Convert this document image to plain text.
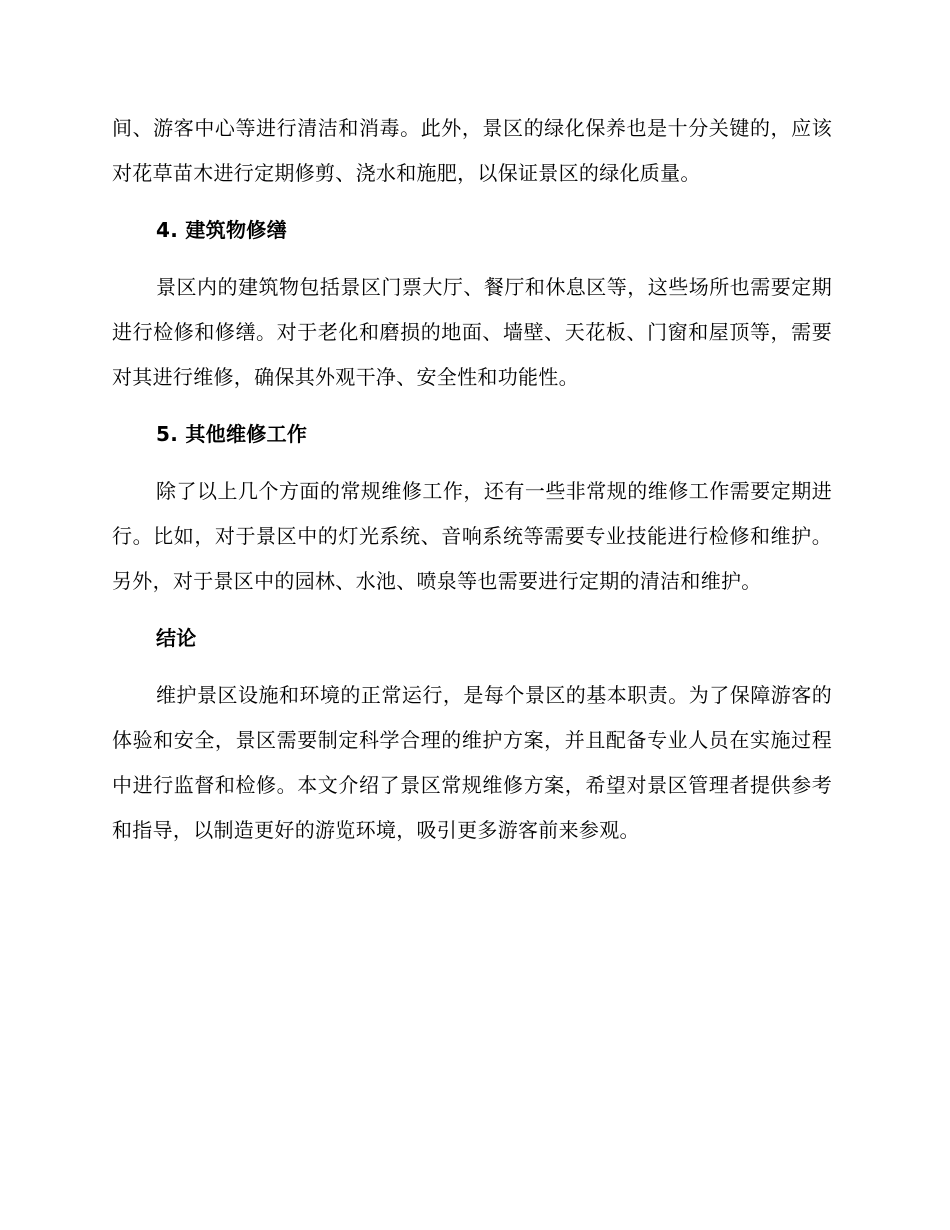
间、游客中心等进行清洁和消毒。此外，景区的绿化保养也是十分关键的，应该对花草苗木进行定期修剪、浇水和施肥，以保证景区的绿化质量。

4. 建筑物修缮

景区内的建筑物包括景区门票大厅、餐厅和休息区等，这些场所也需要定期进行检修和修缮。对于老化和磨损的地面、墙壁、天花板、门窗和屋顶等，需要对其进行维修，确保其外观干净、安全性和功能性。

5. 其他维修工作

除了以上几个方面的常规维修工作，还有一些非常规的维修工作需要定期进行。比如，对于景区中的灯光系统、音响系统等需要专业技能进行检修和维护。另外，对于景区中的园林、水池、喷泉等也需要进行定期的清洁和维护。

结论

维护景区设施和环境的正常运行，是每个景区的基本职责。为了保障游客的体验和安全，景区需要制定科学合理的维护方案，并且配备专业人员在实施过程中进行监督和检修。本文介绍了景区常规维修方案，希望对景区管理者提供参考和指导，以制造更好的游览环境，吸引更多游客前来参观。
